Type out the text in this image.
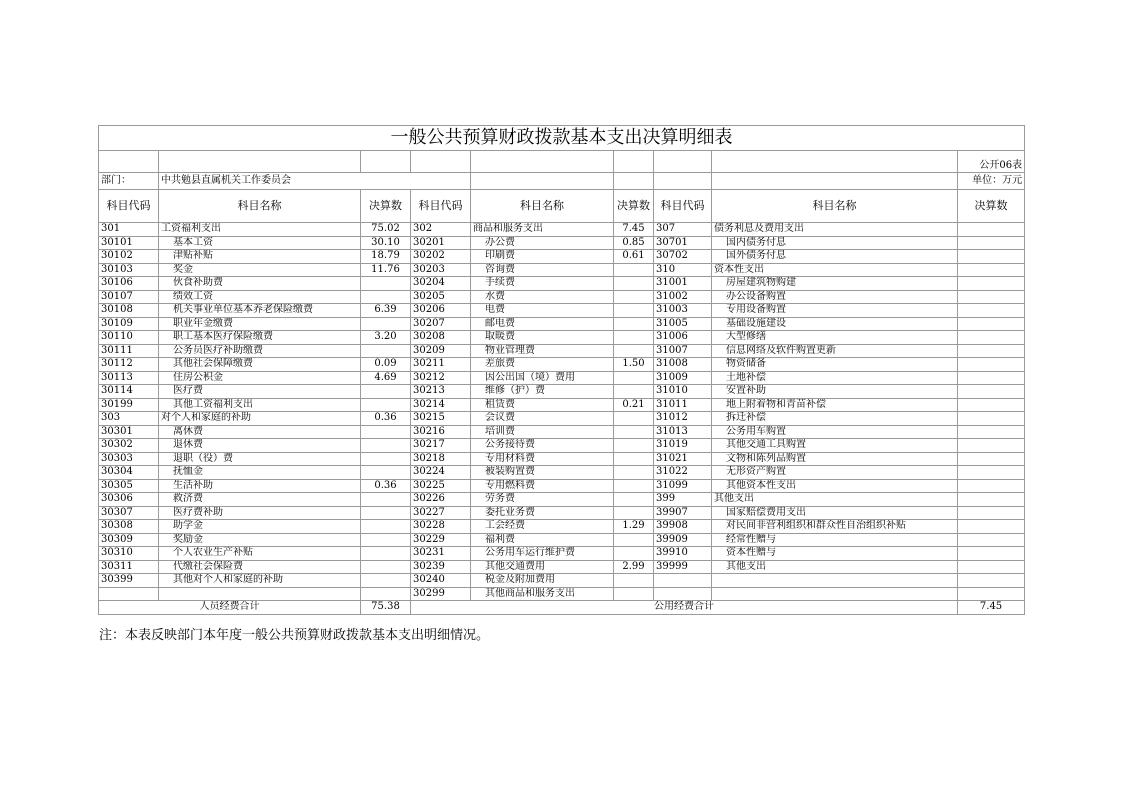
一般公共预算财政拨款基本支出决算明细表								
								公开06表
部门：	中共勉县直属机关工作委员会							单位：万元
科目代码	科目名称	决算数	科目代码	科目名称	决算数	科目代码	科目名称	决算数
301	工资福利支出	75.02	302	商品和服务支出	7.45	307	债务利息及费用支出	
30101	基本工资	30.10	30201	办公费	0.85	30701	国内债务付息	
30102	津贴补贴	18.79	30202	印刷费	0.61	30702	国外债务付息	
30103	奖金	11.76	30203	咨询费		310	资本性支出	
30106	伙食补助费		30204	手续费		31001	房屋建筑物购建	
30107	绩效工资		30205	水费		31002	办公设备购置	
30108	机关事业单位基本养老保险缴费	6.39	30206	电费		31003	专用设备购置	
30109	职业年金缴费		30207	邮电费		31005	基础设施建设	
30110	职工基本医疗保险缴费	3.20	30208	取暖费		31006	大型修缮	
30111	公务员医疗补助缴费		30209	物业管理费		31007	信息网络及软件购置更新	
30112	其他社会保障缴费	0.09	30211	差旅费	1.50	31008	物资储备	
30113	住房公积金	4.69	30212	因公出国（境）费用		31009	土地补偿	
30114	医疗费		30213	维修（护）费		31010	安置补助	
30199	其他工资福利支出		30214	租赁费	0.21	31011	地上附着物和青苗补偿	
303	对个人和家庭的补助	0.36	30215	会议费		31012	拆迁补偿	
30301	离休费		30216	培训费		31013	公务用车购置	
30302	退休费		30217	公务接待费		31019	其他交通工具购置	
30303	退职（役）费		30218	专用材料费		31021	文物和陈列品购置	
30304	抚恤金		30224	被装购置费		31022	无形资产购置	
30305	生活补助	0.36	30225	专用燃料费		31099	其他资本性支出	
30306	救济费		30226	劳务费		399	其他支出	
30307	医疗费补助		30227	委托业务费		39907	国家赔偿费用支出	
30308	助学金		30228	工会经费	1.29	39908	对民间非营利组织和群众性自治组织补贴	
30309	奖励金		30229	福利费		39909	经常性赠与	
30310	个人农业生产补贴		30231	公务用车运行维护费		39910	资本性赠与	
30311	代缴社会保险费		30239	其他交通费用	2.99	39999	其他支出	
30399	其他对个人和家庭的补助		30240	税金及附加费用				
			30299	其他商品和服务支出				
人员经费合计		75.38	公用经费合计					7.45
注：本表反映部门本年度一般公共预算财政拨款基本支出明细情况。
